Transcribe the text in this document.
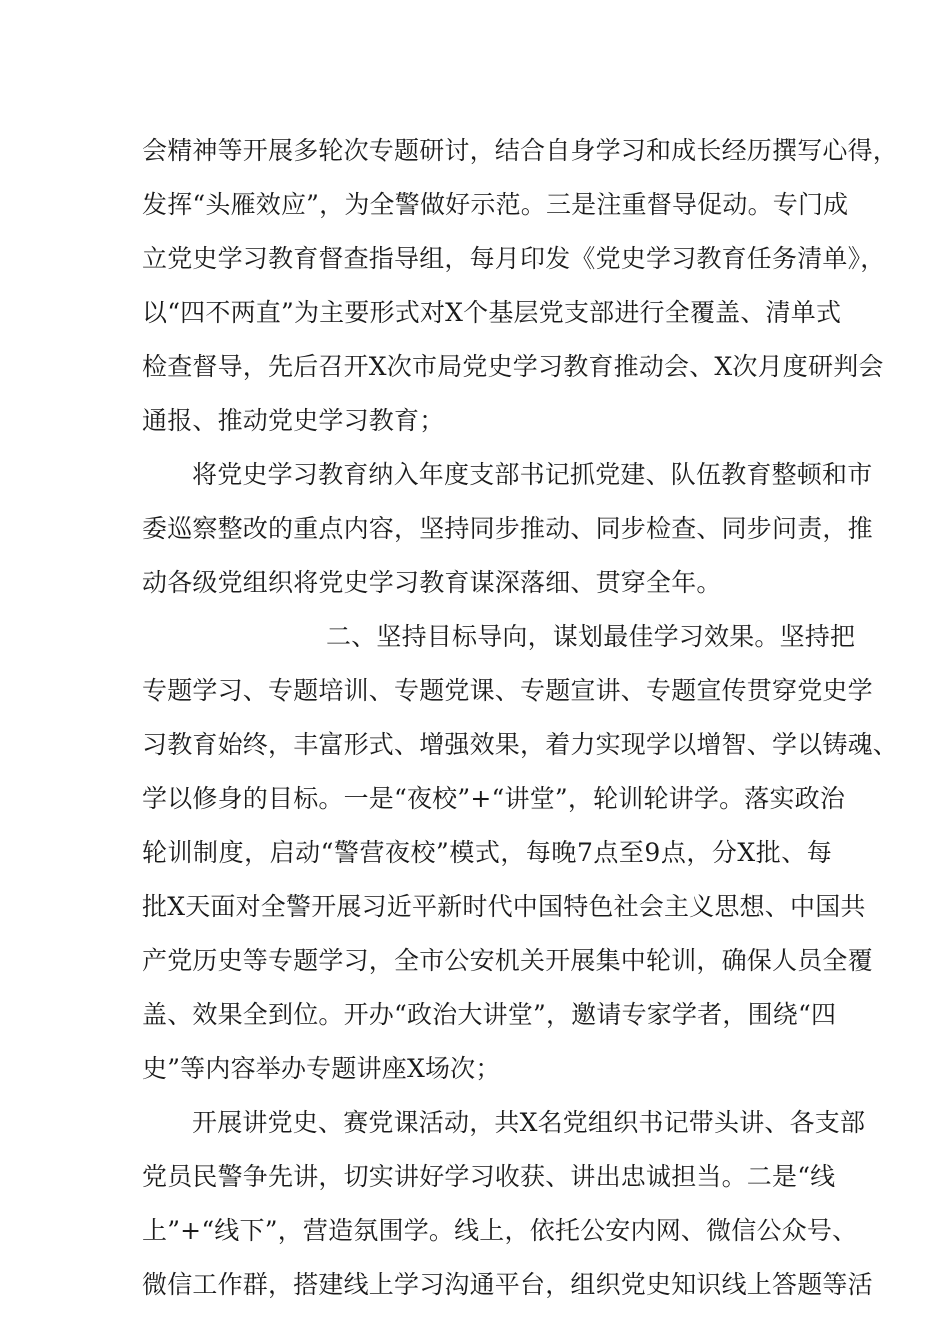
会精神等开展多轮次专题研讨，结合自身学习和成长经历撰写心得，
发挥“头雁效应”，为全警做好示范。三是注重督导促动。专门成
立党史学习教育督查指导组，每月印发《党史学习教育任务清单》，
以“四不两直”为主要形式对X个基层党支部进行全覆盖、清单式
检查督导，先后召开X次市局党史学习教育推动会、X次月度研判会
通报、推动党史学习教育；
将党史学习教育纳入年度支部书记抓党建、队伍教育整顿和市
委巡察整改的重点内容，坚持同步推动、同步检查、同步问责，推
动各级党组织将党史学习教育谋深落细、贯穿全年。
二、坚持目标导向，谋划最佳学习效果。坚持把
专题学习、专题培训、专题党课、专题宣讲、专题宣传贯穿党史学
习教育始终，丰富形式、增强效果，着力实现学以增智、学以铸魂、
学以修身的目标。一是“夜校”+“讲堂”，轮训轮讲学。落实政治
轮训制度，启动“警营夜校”模式，每晚7点至9点，分X批、每
批X天面对全警开展习近平新时代中国特色社会主义思想、中国共
产党历史等专题学习，全市公安机关开展集中轮训，确保人员全覆
盖、效果全到位。开办“政治大讲堂”，邀请专家学者，围绕“四
史”等内容举办专题讲座X场次；
开展讲党史、赛党课活动，共X名党组织书记带头讲、各支部
党员民警争先讲，切实讲好学习收获、讲出忠诚担当。二是“线
上”+“线下”，营造氛围学。线上，依托公安内网、微信公众号、
微信工作群，搭建线上学习沟通平台，组织党史知识线上答题等活
